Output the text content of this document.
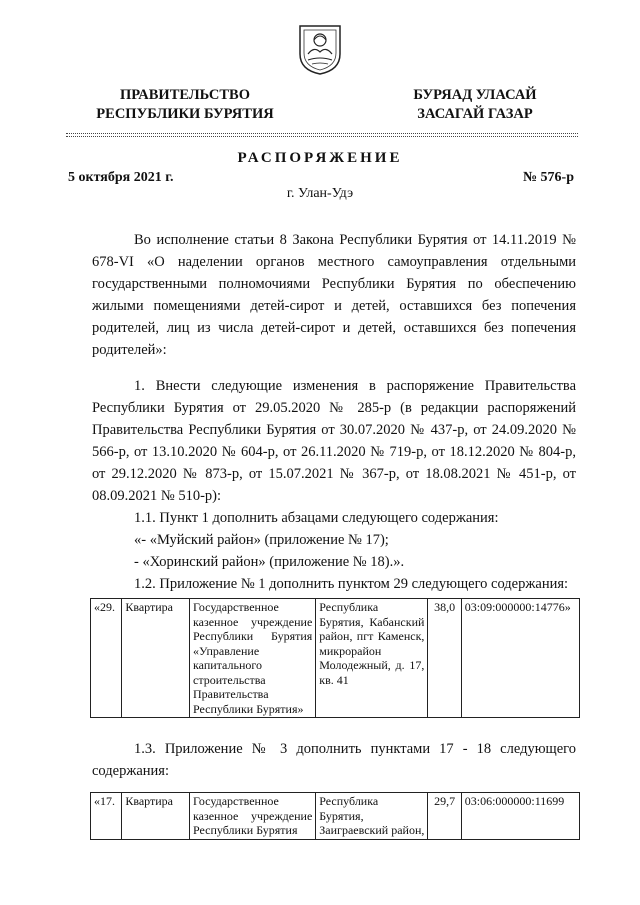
ПРАВИТЕЛЬСТВО
РЕСПУБЛИКИ БУРЯТИЯ
БУРЯАД УЛАСАЙ
ЗАСАГАЙ ГАЗАР
РАСПОРЯЖЕНИЕ
5 октября 2021 г.	№ 576-р
г. Улан-Удэ

Во исполнение статьи 8 Закона Республики Бурятия от 14.11.2019 № 678-VI «О наделении органов местного самоуправления отдельными государственными полномочиями Республики Бурятия по обеспечению жилыми помещениями детей-сирот и детей, оставшихся без попечения родителей, лиц из числа детей-сирот и детей, оставшихся без попечения родителей»:

1. Внести следующие изменения в распоряжение Правительства Республики Бурятия от 29.05.2020 № 285-р (в редакции распоряжений Правительства Республики Бурятия от 30.07.2020 № 437-р, от 24.09.2020 № 566-р, от 13.10.2020 № 604-р, от 26.11.2020 № 719-р, от 18.12.2020 № 804-р, от 29.12.2020 № 873-р, от 15.07.2021 № 367-р, от 18.08.2021 № 451-р, от 08.09.2021 № 510-р):

1.1. Пункт 1 дополнить абзацами следующего содержания:

«- «Муйский район» (приложение № 17);

- «Хоринский район» (приложение № 18).».

1.2. Приложение № 1 дополнить пунктом 29 следующего содержания:

«29.	Квартира	Государственное казенное учреждение Республики Бурятия «Управление капитального строительства Правительства Республики Бурятия»	Республика Бурятия, Кабанский район, пгт Каменск, микрорайон Молодежный, д. 17, кв. 41	38,0	03:09:000000:14776»

1.3. Приложение № 3 дополнить пунктами 17 - 18 следующего содержания:

«17.	Квартира	Государственное казенное учреждение Республики Бурятия	Республика Бурятия, Заиграевский район,	29,7	03:06:000000:11699
